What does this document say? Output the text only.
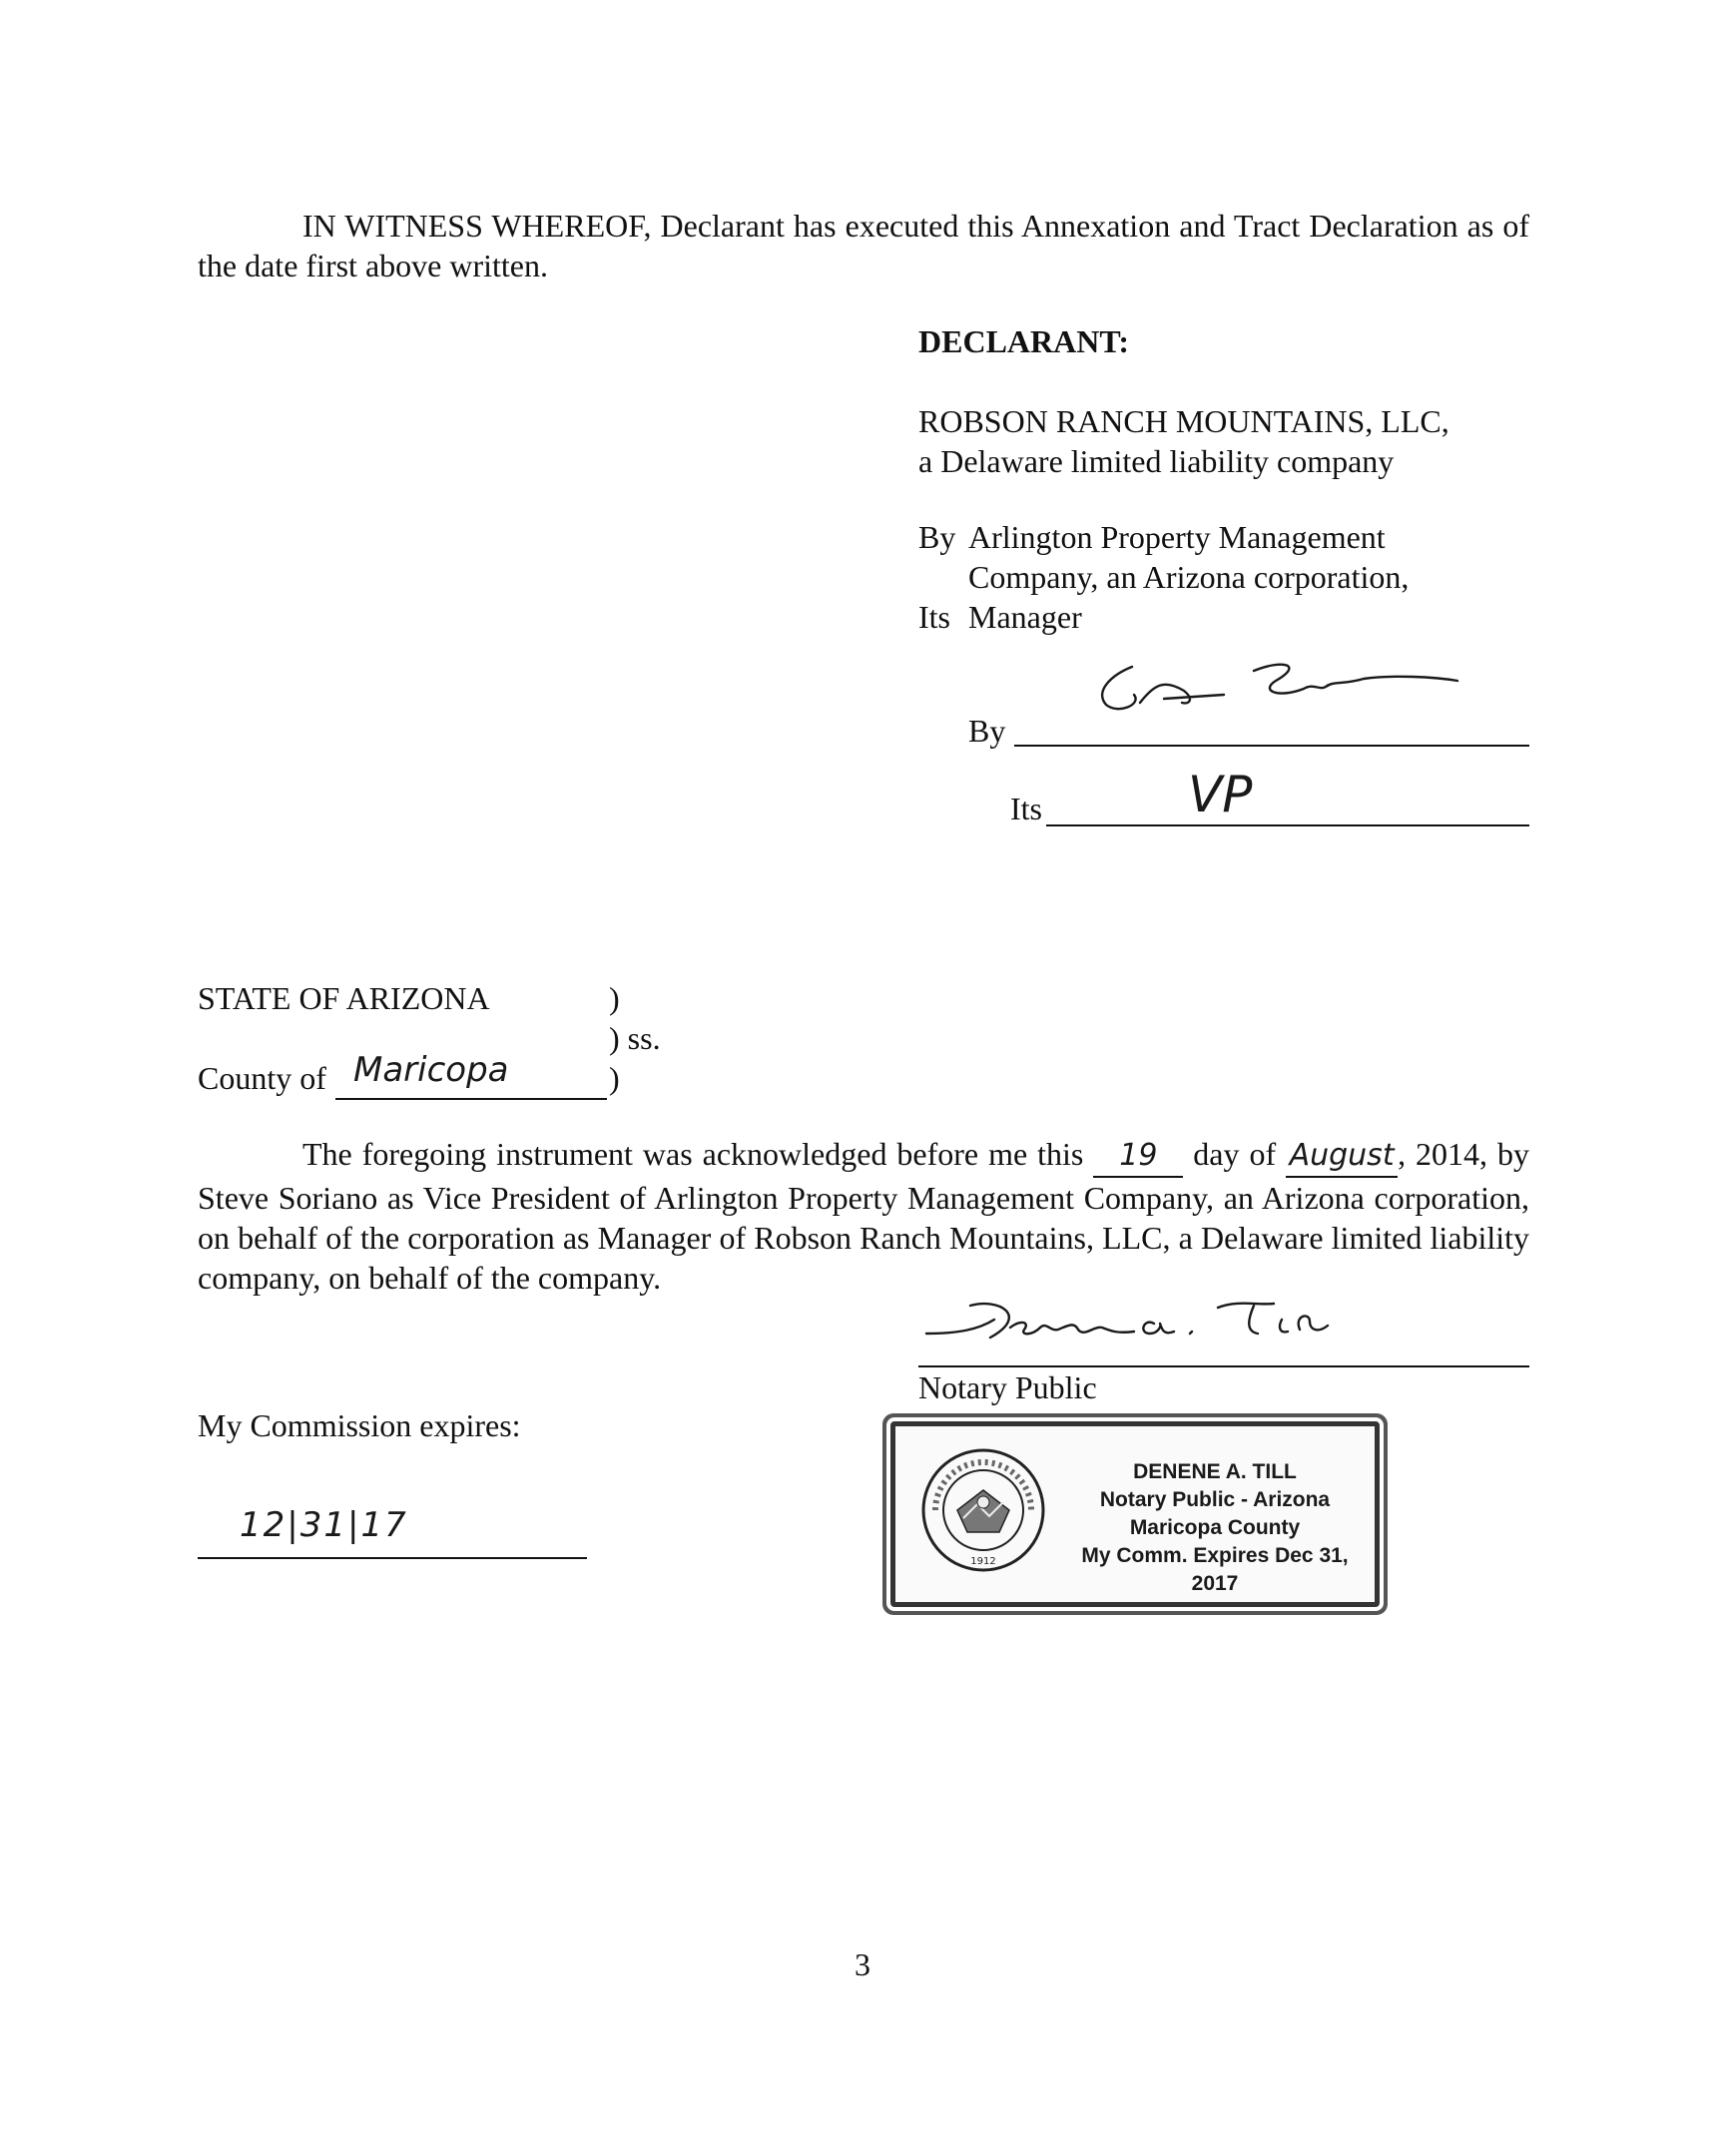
IN WITNESS WHEREOF, Declarant has executed this Annexation and Tract Declaration as of the date first above written.

DECLARANT:
ROBSON RANCH MOUNTAINS, LLC,
a Delaware limited liability company
By Arlington Property Management
Company, an Arizona corporation,
Its Manager
By
Its	VP
STATE OF ARIZONA	)
) ss.
)
County of Maricopa

The foregoing instrument was acknowledged before me this 19 day of August , 2014, by Steve Soriano as Vice President of Arlington Property Management Company, an Arizona corporation, on behalf of the corporation as Manager of Robson Ranch Mountains, LLC, a Delaware limited liability company, on behalf of the company.

Notary Public
My Commission expires:
12|31|17
1912
DENENE A. TILL
Notary Public - Arizona
Maricopa County
My Comm. Expires Dec 31, 2017
3
